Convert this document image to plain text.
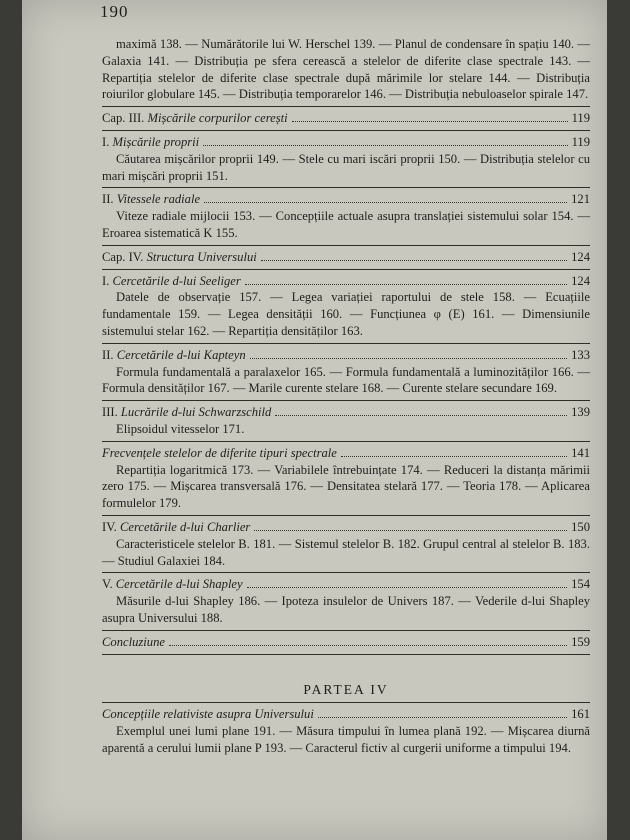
190

maximă 138. — Numărătorile lui W. Herschel 139. — Planul de condensare în spațiu 140. — Galaxia 141. — Distribuția pe sfera cerească a stelelor de diferite clase spectrale 143. — Repartiția stelelor de diferite clase spectrale după mărimile lor stelare 144. — Distribuția roiurilor globulare 145. — Distribuția temporarelor 146. — Distribuția nebuloaselor spirale 147.

Cap. III. Mișcările corpurilor cerești	119
I. Mișcările proprii	119

Căutarea mișcărilor proprii 149. — Stele cu mari iscări proprii 150. — Distribuția stelelor cu mari mișcări proprii 151.

II. Vitessele radiale	121

Viteze radiale mijlocii 153. — Concepțiile actuale asupra translației sistemului solar 154. — Eroarea sistematică K 155.

Cap. IV. Structura Universului	124
I. Cercetările d-lui Seeliger	124

Datele de observație 157. — Legea variației raportului de stele 158. — Ecuațiile fundamentale 159. — Legea densității 160. — Funcțiunea φ (E) 161. — Dimensiunile sistemului stelar 162. — Repartiția densităților 163.

II. Cercetările d-lui Kapteyn	133

Formula fundamentală a paralaxelor 165. — Formula fundamentală a luminozităților 166. — Formula densităților 167. — Marile curente stelare 168. — Curente stelare secundare 169.

III. Lucrările d-lui Schwarzschild	139

Elipsoidul vitesselor 171.

Frecvențele stelelor de diferite tipuri spectrale	141

Repartiția logaritmică 173. — Variabilele întrebuințate 174. — Reduceri la distanța mărimii zero 175. — Mișcarea transversală 176. — Densitatea stelară 177. — Teoria 178. — Aplicarea formulelor 179.

IV. Cercetările d-lui Charlier	150

Caracteristicele stelelor B. 181. — Sistemul stelelor B. 182. Grupul central al stelelor B. 183. — Studiul Galaxiei 184.

V. Cercetările d-lui Shapley	154

Măsurile d-lui Shapley 186. — Ipoteza insulelor de Univers 187. — Vederile d-lui Shapley asupra Universului 188.

Concluziune	159
PARTEA IV
Concepțiile relativiste asupra Universului	161

Exemplul unei lumi plane 191. — Măsura timpului în lumea plană 192. — Mișcarea diurnă aparentă a cerului lumii plane P 193. — Caracterul fictiv al curgerii uniforme a timpului 194.
